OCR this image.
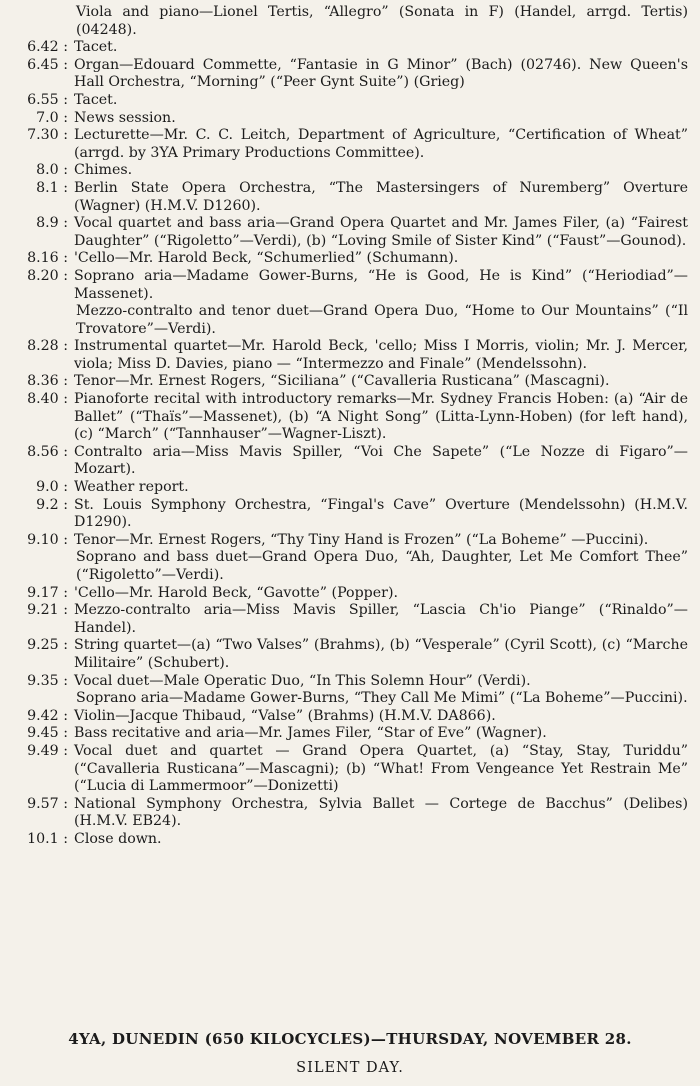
Viola and piano—Lionel Tertis, “Allegro” (Sonata in F) (Handel, arrgd. Tertis) (04248).
6.42 : Tacet.
6.45 : Organ—Edouard Commette, “Fantasie in G Minor” (Bach) (02746). New Queen's Hall Orchestra, “Morning” (“Peer Gynt Suite”) (Grieg)
6.55 : Tacet.
7.0 : News session.
7.30 : Lecturette—Mr. C. C. Leitch, Department of Agriculture, “Certification of Wheat” (arrgd. by 3YA Primary Productions Committee).
8.0 : Chimes.
8.1 : Berlin State Opera Orchestra, “The Mastersingers of Nuremberg” Overture (Wagner) (H.M.V. D1260).
8.9 : Vocal quartet and bass aria—Grand Opera Quartet and Mr. James Filer, (a) “Fairest Daughter” (“Rigoletto”—Verdi), (b) “Loving Smile of Sister Kind” (“Faust”—Gounod).
8.16 : 'Cello—Mr. Harold Beck, “Schumerlied” (Schumann).
8.20 : Soprano aria—Madame Gower-Burns, “He is Good, He is Kind” (“Heriodiad”—Massenet).
Mezzo-contralto and tenor duet—Grand Opera Duo, “Home to Our Mountains” (“Il Trovatore”—Verdi).
8.28 : Instrumental quartet—Mr. Harold Beck, 'cello; Miss I Morris, violin; Mr. J. Mercer, viola; Miss D. Davies, piano — “Intermezzo and Finale” (Mendelssohn).
8.36 : Tenor—Mr. Ernest Rogers, “Siciliana” (“Cavalleria Rusticana” (Mascagni).
8.40 : Pianoforte recital with introductory remarks—Mr. Sydney Francis Hoben: (a) “Air de Ballet” (“Thaïs”—Massenet), (b) “A Night Song” (Litta-Lynn-Hoben) (for left hand), (c) “March” (“Tannhauser”—Wagner-Liszt).
8.56 : Contralto aria—Miss Mavis Spiller, “Voi Che Sapete” (“Le Nozze di Figaro”—Mozart).
9.0 : Weather report.
9.2 : St. Louis Symphony Orchestra, “Fingal's Cave” Overture (Mendelssohn) (H.M.V. D1290).
9.10 : Tenor—Mr. Ernest Rogers, “Thy Tiny Hand is Frozen” (“La Boheme” —Puccini).
Soprano and bass duet—Grand Opera Duo, “Ah, Daughter, Let Me Comfort Thee” (“Rigoletto”—Verdi).
9.17 : 'Cello—Mr. Harold Beck, “Gavotte” (Popper).
9.21 : Mezzo-contralto aria—Miss Mavis Spiller, “Lascia Ch'io Piange” (“Rinaldo”—Handel).
9.25 : String quartet—(a) “Two Valses” (Brahms), (b) “Vesperale” (Cyril Scott), (c) “Marche Militaire” (Schubert).
9.35 : Vocal duet—Male Operatic Duo, “In This Solemn Hour” (Verdi).
Soprano aria—Madame Gower-Burns, “They Call Me Mimi” (“La Boheme”—Puccini).
9.42 : Violin—Jacque Thibaud, “Valse” (Brahms) (H.M.V. DA866).
9.45 : Bass recitative and aria—Mr. James Filer, “Star of Eve” (Wagner).
9.49 : Vocal duet and quartet — Grand Opera Quartet, (a) “Stay, Stay, Turiddu” (“Cavalleria Rusticana”—Mascagni); (b) “What! From Vengeance Yet Restrain Me” (“Lucia di Lammermoor”—Donizetti)
9.57 : National Symphony Orchestra, Sylvia Ballet — Cortege de Bacchus” (Delibes) (H.M.V. EB24).
10.1 : Close down.
4YA, DUNEDIN (650 KILOCYCLES)—THURSDAY, NOVEMBER 28.
SILENT DAY.
